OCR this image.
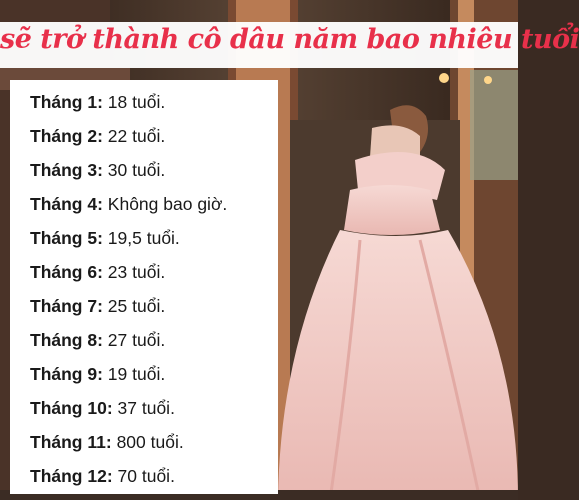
sẽ trở thành cô dâu năm bao nhiêu tuổi
Tháng 1: 18 tuổi.
Tháng 2: 22 tuổi.
Tháng 3: 30 tuổi.
Tháng 4: Không bao giờ.
Tháng 5: 19,5 tuổi.
Tháng 6: 23 tuổi.
Tháng 7: 25 tuổi.
Tháng 8: 27 tuổi.
Tháng 9: 19 tuổi.
Tháng 10: 37 tuổi.
Tháng 11: 800 tuổi.
Tháng 12: 70 tuổi.
